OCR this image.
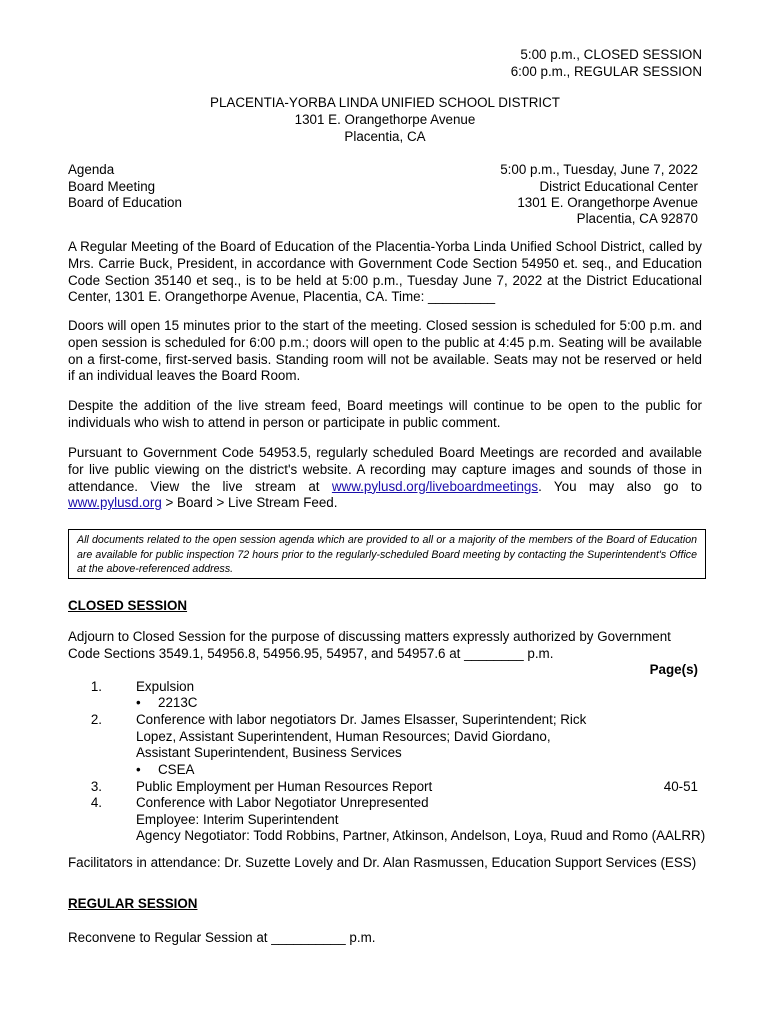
5:00 p.m., CLOSED SESSION
6:00 p.m., REGULAR SESSION
PLACENTIA-YORBA LINDA UNIFIED SCHOOL DISTRICT
1301 E. Orangethorpe Avenue
Placentia, CA
Agenda
Board Meeting
Board of Education
5:00 p.m., Tuesday, June 7, 2022
District Educational Center
1301 E. Orangethorpe Avenue
Placentia, CA 92870
A Regular Meeting of the Board of Education of the Placentia-Yorba Linda Unified School District, called by Mrs. Carrie Buck, President, in accordance with Government Code Section 54950 et. seq., and Education Code Section 35140 et seq., is to be held at 5:00 p.m., Tuesday June 7, 2022 at the District Educational Center, 1301 E. Orangethorpe Avenue, Placentia, CA. Time: _________
Doors will open 15 minutes prior to the start of the meeting. Closed session is scheduled for 5:00 p.m. and open session is scheduled for 6:00 p.m.; doors will open to the public at 4:45 p.m. Seating will be available on a first-come, first-served basis. Standing room will not be available. Seats may not be reserved or held if an individual leaves the Board Room.
Despite the addition of the live stream feed, Board meetings will continue to be open to the public for individuals who wish to attend in person or participate in public comment.
Pursuant to Government Code 54953.5, regularly scheduled Board Meetings are recorded and available for live public viewing on the district's website. A recording may capture images and sounds of those in attendance. View the live stream at www.pylusd.org/liveboardmeetings. You may also go to www.pylusd.org > Board > Live Stream Feed.
All documents related to the open session agenda which are provided to all or a majority of the members of the Board of Education are available for public inspection 72 hours prior to the regularly-scheduled Board meeting by contacting the Superintendent's Office at the above-referenced address.
CLOSED SESSION
Adjourn to Closed Session for the purpose of discussing matters expressly authorized by Government
Code Sections 3549.1, 54956.8, 54956.95, 54957, and 54957.6 at ________ p.m.
Page(s)
1.	Expulsion
• 2213C
2.	Conference with labor negotiators Dr. James Elsasser, Superintendent; Rick
Lopez, Assistant Superintendent, Human Resources; David Giordano,
Assistant Superintendent, Business Services
• CSEA
3.	Public Employment per Human Resources Report	40-51
4.	Conference with Labor Negotiator Unrepresented
Employee: Interim Superintendent
Agency Negotiator: Todd Robbins, Partner, Atkinson, Andelson, Loya, Ruud and Romo (AALRR)
Facilitators in attendance: Dr. Suzette Lovely and Dr. Alan Rasmussen, Education Support Services (ESS)
REGULAR SESSION
Reconvene to Regular Session at __________ p.m.
